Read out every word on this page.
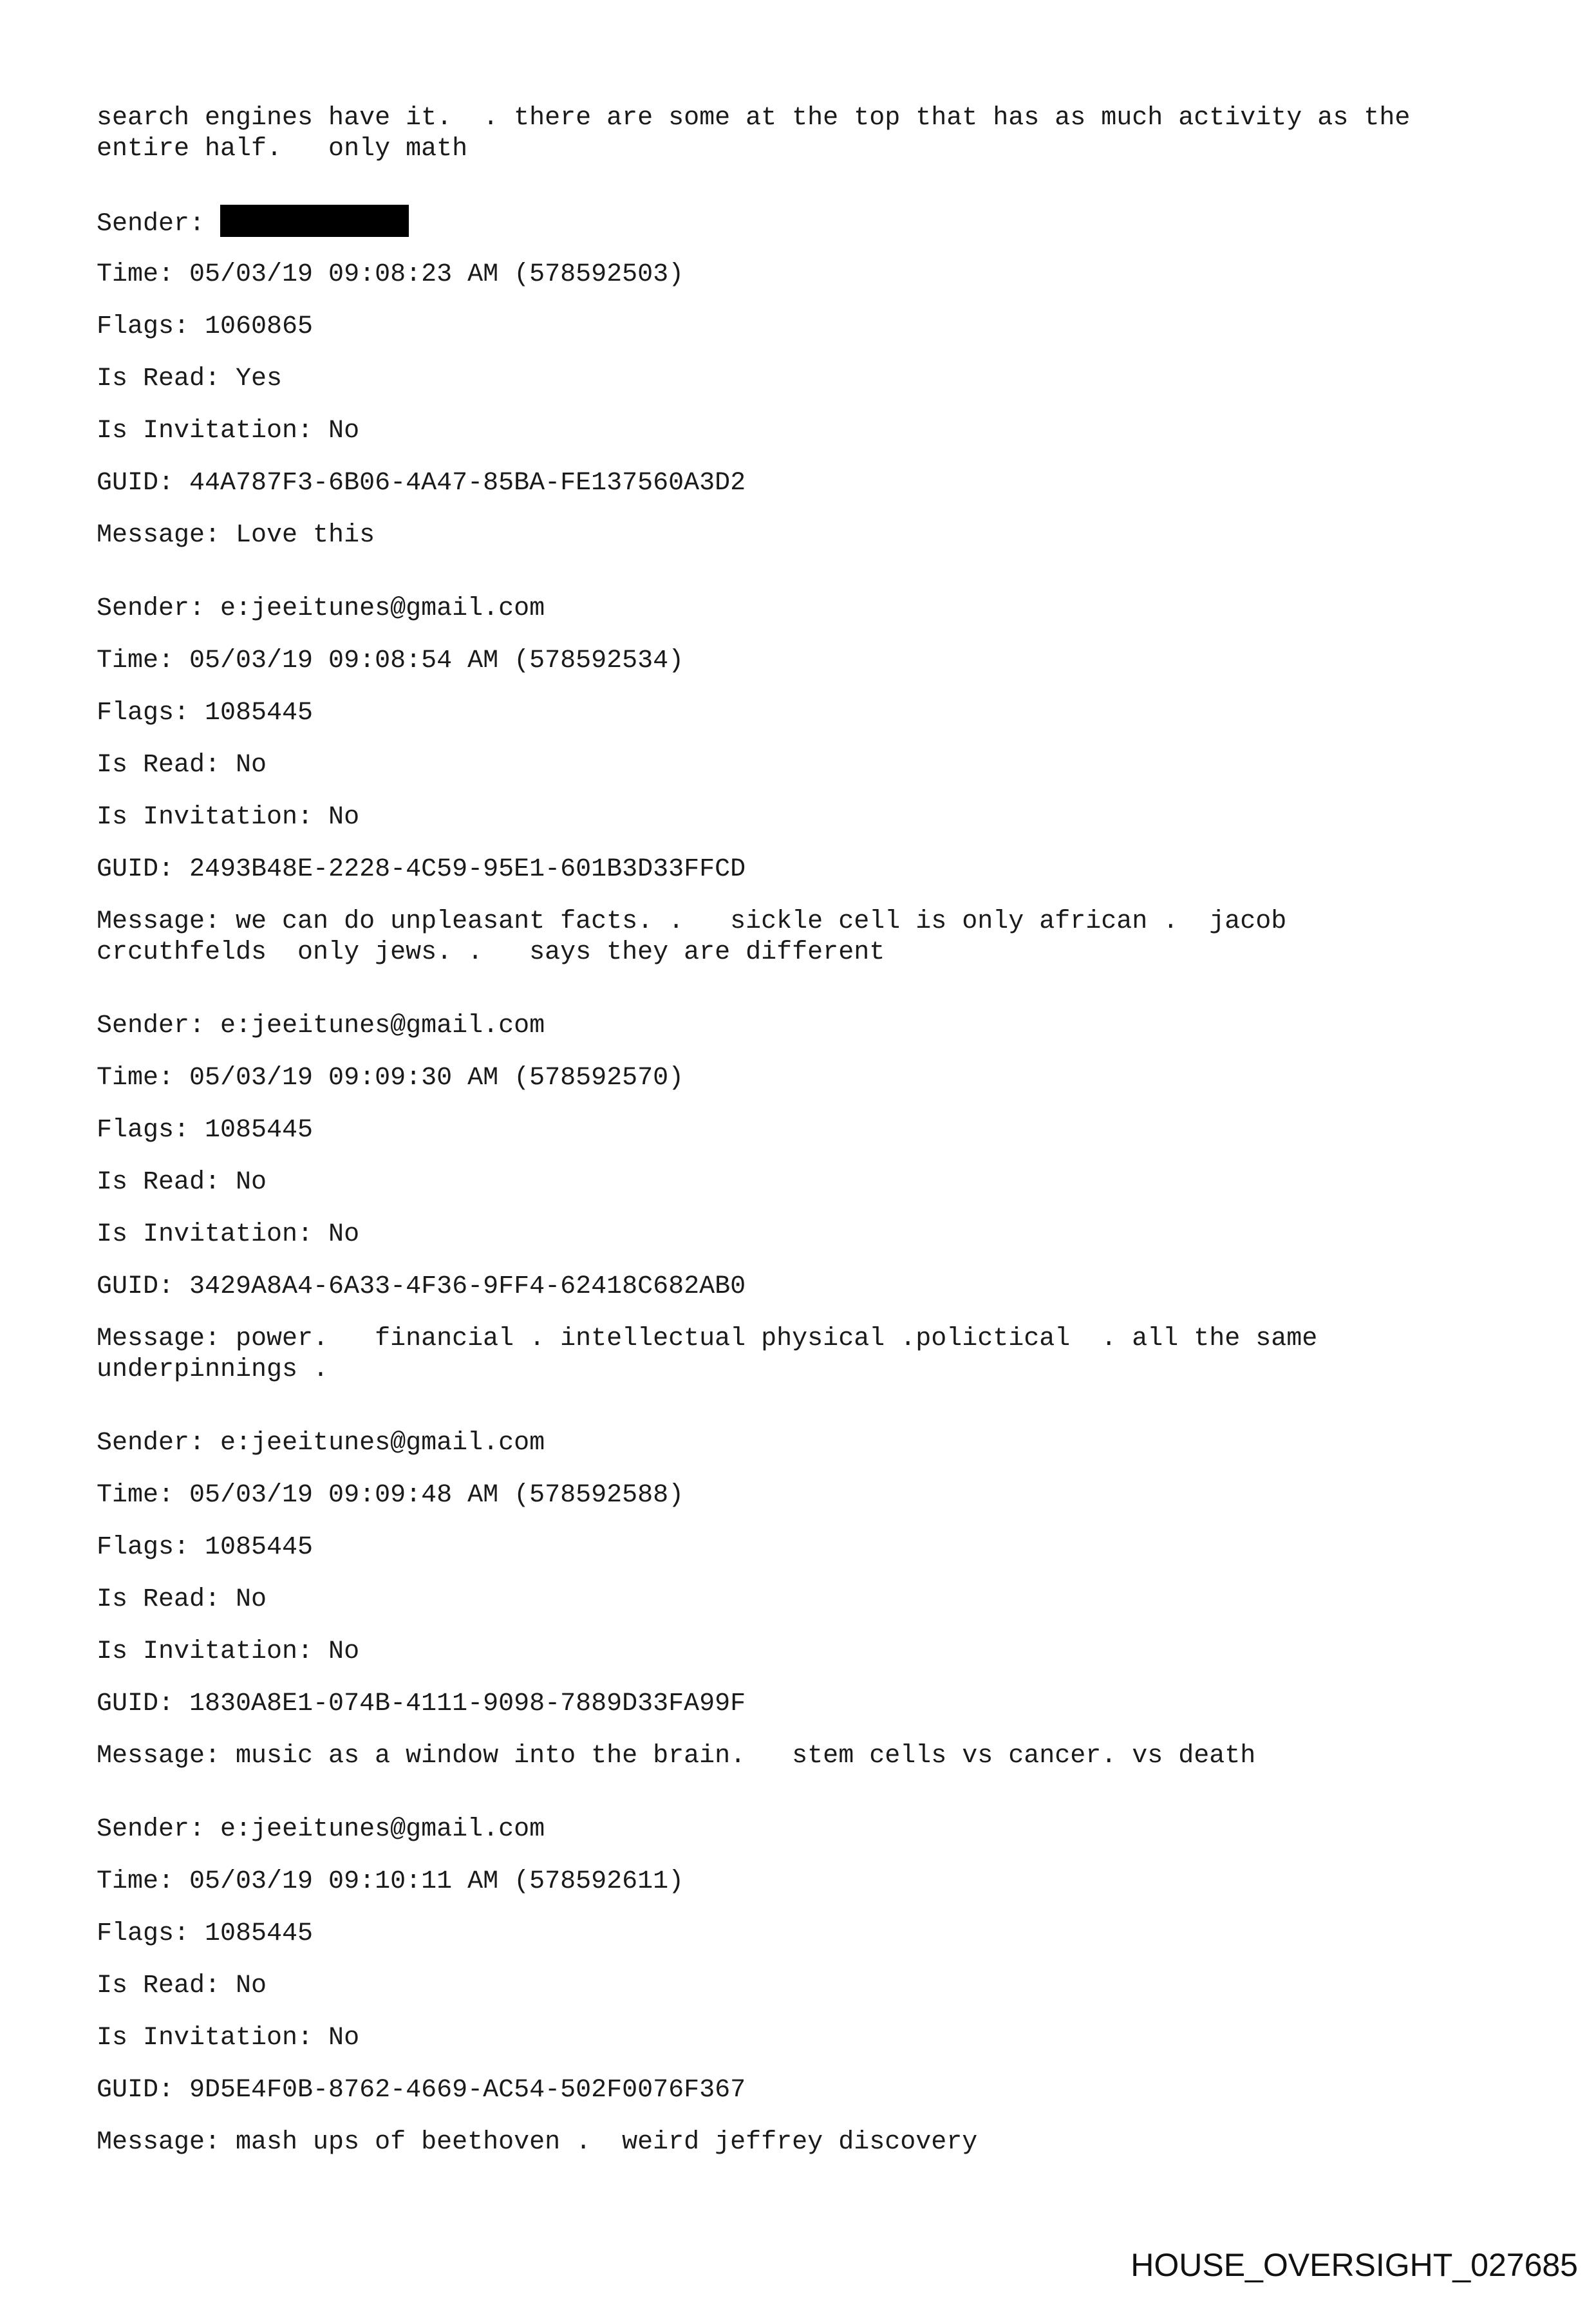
search engines have it.  . there are some at the top that has as much activity as the

entire half.   only math

Sender:
Time: 05/03/19 09:08:23 AM (578592503)
Flags: 1060865
Is Read: Yes
Is Invitation: No
GUID: 44A787F3-6B06-4A47-85BA-FE137560A3D2

Message: Love this

Sender: e:jeeitunes@gmail.com
Time: 05/03/19 09:08:54 AM (578592534)
Flags: 1085445
Is Read: No
Is Invitation: No
GUID: 2493B48E-2228-4C59-95E1-601B3D33FFCD

Message: we can do unpleasant facts. .   sickle cell is only african .  jacob

crcuthfelds  only jews. .   says they are different

Sender: e:jeeitunes@gmail.com
Time: 05/03/19 09:09:30 AM (578592570)
Flags: 1085445
Is Read: No
Is Invitation: No
GUID: 3429A8A4-6A33-4F36-9FF4-62418C682AB0

Message: power.   financial . intellectual physical .polictical  . all the same

underpinnings .

Sender: e:jeeitunes@gmail.com
Time: 05/03/19 09:09:48 AM (578592588)
Flags: 1085445
Is Read: No
Is Invitation: No
GUID: 1830A8E1-074B-4111-9098-7889D33FA99F

Message: music as a window into the brain.   stem cells vs cancer. vs death

Sender: e:jeeitunes@gmail.com
Time: 05/03/19 09:10:11 AM (578592611)
Flags: 1085445
Is Read: No
Is Invitation: No
GUID: 9D5E4F0B-8762-4669-AC54-502F0076F367

Message: mash ups of beethoven .  weird jeffrey discovery

HOUSE_OVERSIGHT_027685
